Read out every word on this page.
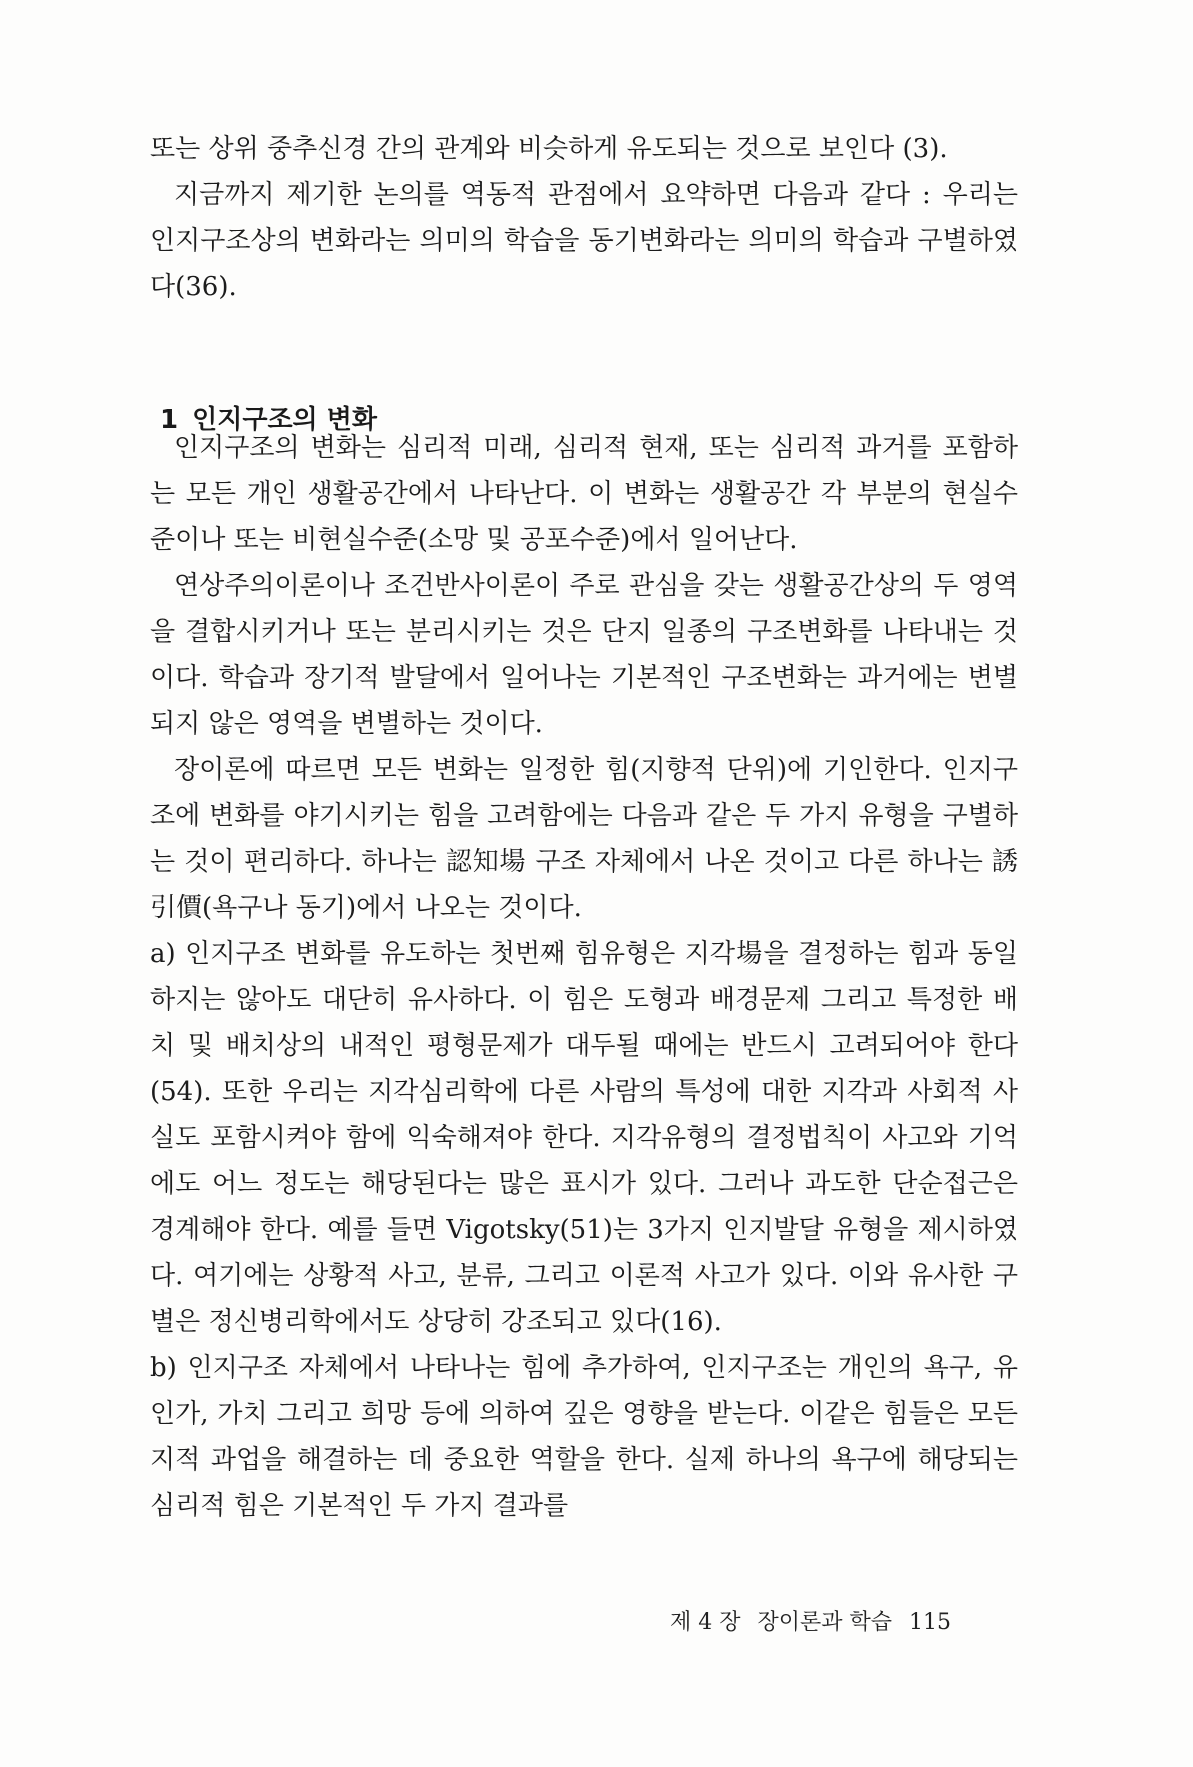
또는 상위 중추신경 간의 관계와 비슷하게 유도되는 것으로 보인다 (3).

지금까지 제기한 논의를 역동적 관점에서 요약하면 다음과 같다 : 우리는 인지구조상의 변화라는 의미의 학습을 동기변화라는 의미의 학습과 구별하였다(36).

1 인지구조의 변화

인지구조의 변화는 심리적 미래, 심리적 현재, 또는 심리적 과거를 포함하는 모든 개인 생활공간에서 나타난다. 이 변화는 생활공간 각 부분의 현실수준이나 또는 비현실수준(소망 및 공포수준)에서 일어난다.

연상주의이론이나 조건반사이론이 주로 관심을 갖는 생활공간상의 두 영역을 결합시키거나 또는 분리시키는 것은 단지 일종의 구조변화를 나타내는 것이다. 학습과 장기적 발달에서 일어나는 기본적인 구조변화는 과거에는 변별되지 않은 영역을 변별하는 것이다.

장이론에 따르면 모든 변화는 일정한 힘(지향적 단위)에 기인한다. 인지구조에 변화를 야기시키는 힘을 고려함에는 다음과 같은 두 가지 유형을 구별하는 것이 편리하다. 하나는 認知場 구조 자체에서 나온 것이고 다른 하나는 誘引價(욕구나 동기)에서 나오는 것이다.

a) 인지구조 변화를 유도하는 첫번째 힘유형은 지각場을 결정하는 힘과 동일하지는 않아도 대단히 유사하다. 이 힘은 도형과 배경문제 그리고 특정한 배치 및 배치상의 내적인 평형문제가 대두될 때에는 반드시 고려되어야 한다(54). 또한 우리는 지각심리학에 다른 사람의 특성에 대한 지각과 사회적 사실도 포함시켜야 함에 익숙해져야 한다. 지각유형의 결정법칙이 사고와 기억에도 어느 정도는 해당된다는 많은 표시가 있다. 그러나 과도한 단순접근은 경계해야 한다. 예를 들면 Vigotsky(51)는 3가지 인지발달 유형을 제시하였다. 여기에는 상황적 사고, 분류, 그리고 이론적 사고가 있다. 이와 유사한 구별은 정신병리학에서도 상당히 강조되고 있다(16).

b) 인지구조 자체에서 나타나는 힘에 추가하여, 인지구조는 개인의 욕구, 유인가, 가치 그리고 희망 등에 의하여 깊은 영향을 받는다. 이같은 힘들은 모든 지적 과업을 해결하는 데 중요한 역할을 한다. 실제 하나의 욕구에 해당되는 심리적 힘은 기본적인 두 가지 결과를

제 4 장 장이론과 학습 115
